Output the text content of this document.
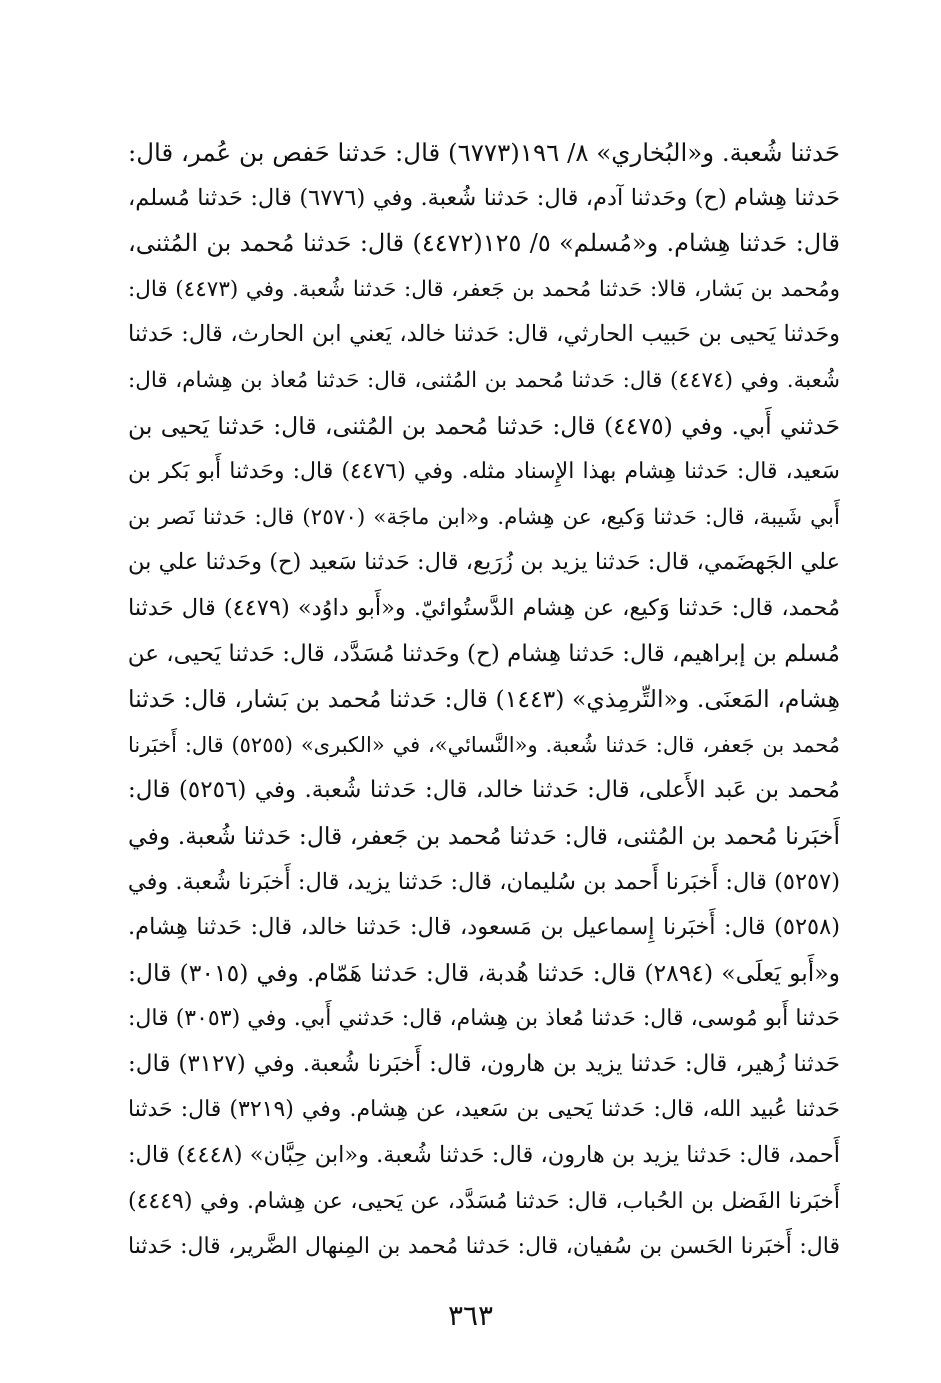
حَدثنا شُعبة. و«البُخاري» ٨/ ١٩٦(٦٧٧٣) قال: حَدثنا حَفص بن عُمر، قال:
حَدثنا هِشام (ح) وحَدثنا آدم، قال: حَدثنا شُعبة. وفي (٦٧٧٦) قال: حَدثنا مُسلم،
قال: حَدثنا هِشام. و«مُسلم» ٥/ ١٢٥(٤٤٧٢) قال: حَدثنا مُحمد بن المُثنى،
ومُحمد بن بَشار، قالا: حَدثنا مُحمد بن جَعفر، قال: حَدثنا شُعبة. وفي (٤٤٧٣) قال:
وحَدثنا يَحيى بن حَبيب الحارثي، قال: حَدثنا خالد، يَعني ابن الحارث، قال: حَدثنا
شُعبة. وفي (٤٤٧٤) قال: حَدثنا مُحمد بن المُثنى، قال: حَدثنا مُعاذ بن هِشام، قال:
حَدثني أَبي. وفي (٤٤٧٥) قال: حَدثنا مُحمد بن المُثنى، قال: حَدثنا يَحيى بن
سَعيد، قال: حَدثنا هِشام بهذا الإِسناد مثله. وفي (٤٤٧٦) قال: وحَدثنا أَبو بَكر بن
أَبي شَيبة، قال: حَدثنا وَكيع، عن هِشام. و«ابن ماجَة» (٢٥٧٠) قال: حَدثنا نَصر بن
علي الجَهضَمي، قال: حَدثنا يزيد بن زُرَيع، قال: حَدثنا سَعيد (ح) وحَدثنا علي بن
مُحمد، قال: حَدثنا وَكيع، عن هِشام الدَّستُوائيّ. و«أَبو داوُد» (٤٤٧٩) قال حَدثنا
مُسلم بن إبراهيم، قال: حَدثنا هِشام (ح) وحَدثنا مُسَدَّد، قال: حَدثنا يَحيى، عن
هِشام، المَعنَى. و«التِّرمِذي» (١٤٤٣) قال: حَدثنا مُحمد بن بَشار، قال: حَدثنا
مُحمد بن جَعفر، قال: حَدثنا شُعبة. و«النَّسائي»، في «الكبرى» (٥٢٥٥) قال: أَخبَرنا
مُحمد بن عَبد الأَعلى، قال: حَدثنا خالد، قال: حَدثنا شُعبة. وفي (٥٢٥٦) قال:
أَخبَرنا مُحمد بن المُثنى، قال: حَدثنا مُحمد بن جَعفر، قال: حَدثنا شُعبة. وفي
(٥٢٥٧) قال: أَخبَرنا أَحمد بن سُليمان، قال: حَدثنا يزيد، قال: أَخبَرنا شُعبة. وفي
(٥٢٥٨) قال: أَخبَرنا إِسماعيل بن مَسعود، قال: حَدثنا خالد، قال: حَدثنا هِشام.
و«أَبو يَعلَى» (٢٨٩٤) قال: حَدثنا هُدبة، قال: حَدثنا هَمّام. وفي (٣٠١٥) قال:
حَدثنا أَبو مُوسى، قال: حَدثنا مُعاذ بن هِشام، قال: حَدثني أَبي. وفي (٣٠٥٣) قال:
حَدثنا زُهير، قال: حَدثنا يزيد بن هارون، قال: أَخبَرنا شُعبة. وفي (٣١٢٧) قال:
حَدثنا عُبيد الله، قال: حَدثنا يَحيى بن سَعيد، عن هِشام. وفي (٣٢١٩) قال: حَدثنا
أَحمد، قال: حَدثنا يزيد بن هارون، قال: حَدثنا شُعبة. و«ابن حِبَّان» (٤٤٤٨) قال:
أَخبَرنا الفَضل بن الحُباب، قال: حَدثنا مُسَدَّد، عن يَحيى، عن هِشام. وفي (٤٤٤٩)
قال: أَخبَرنا الحَسن بن سُفيان، قال: حَدثنا مُحمد بن المِنهال الضَّرير، قال: حَدثنا
٣٦٣
